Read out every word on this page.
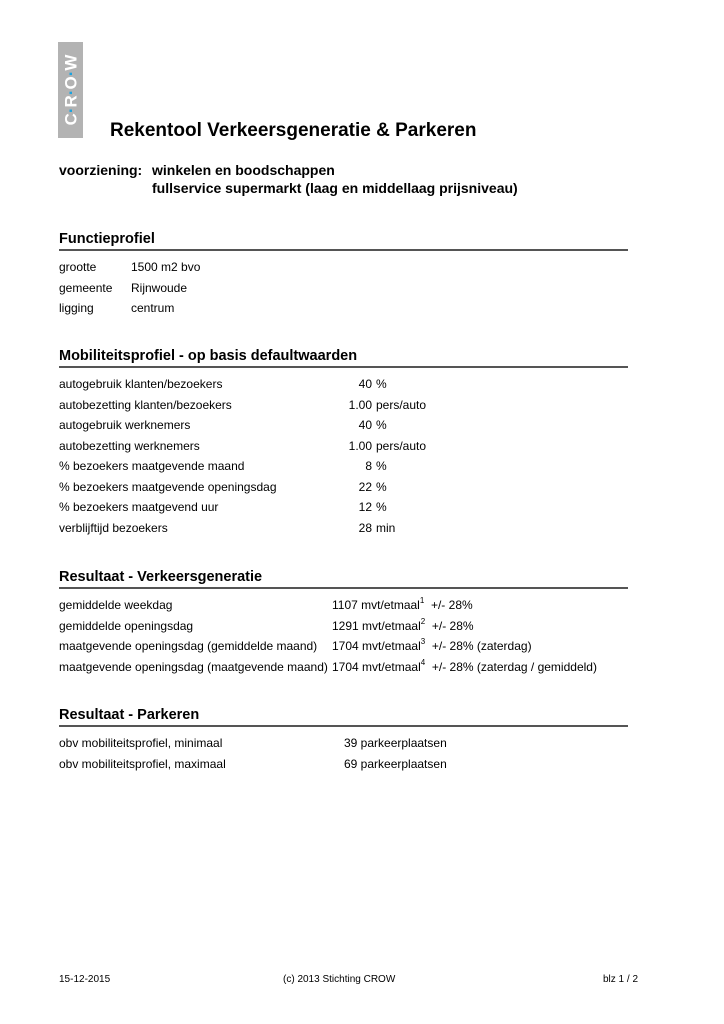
C·R·O·W
Rekentool Verkeersgeneratie & Parkeren
voorziening: winkelen en boodschappen
fullservice supermarkt (laag en middellaag prijsniveau)
Functieprofiel
grootte	1500 m2 bvo
gemeente Rijnwoude
ligging	centrum
Mobiliteitsprofiel - op basis defaultwaarden
autogebruik klanten/bezoekers	40 %
autobezetting klanten/bezoekers	1.00 pers/auto
autogebruik werknemers	40 %
autobezetting werknemers	1.00 pers/auto
% bezoekers maatgevende maand	8 %
% bezoekers maatgevende openingsdag	22 %
% bezoekers maatgevend uur	12 %
verblijftijd bezoekers	28 min
Resultaat - Verkeersgeneratie
gemiddelde weekdag	1107 mvt/etmaal$^1$ +/- 28%
gemiddelde openingsdag	1291 mvt/etmaal$^2$ +/- 28%
maatgevende openingsdag (gemiddelde maand) 1704 mvt/etmaal$^3$ +/- 28% (zaterdag)
maatgevende openingsdag (maatgevende maand) 1704 mvt/etmaal$^4$ +/- 28% (zaterdag / gemiddeld)
Resultaat - Parkeren
obv mobiliteitsprofiel, minimaal	39 parkeerplaatsen
obv mobiliteitsprofiel, maximaal	69 parkeerplaatsen
15-12-2015	(c) 2013 Stichting CROW	blz 1 / 2
